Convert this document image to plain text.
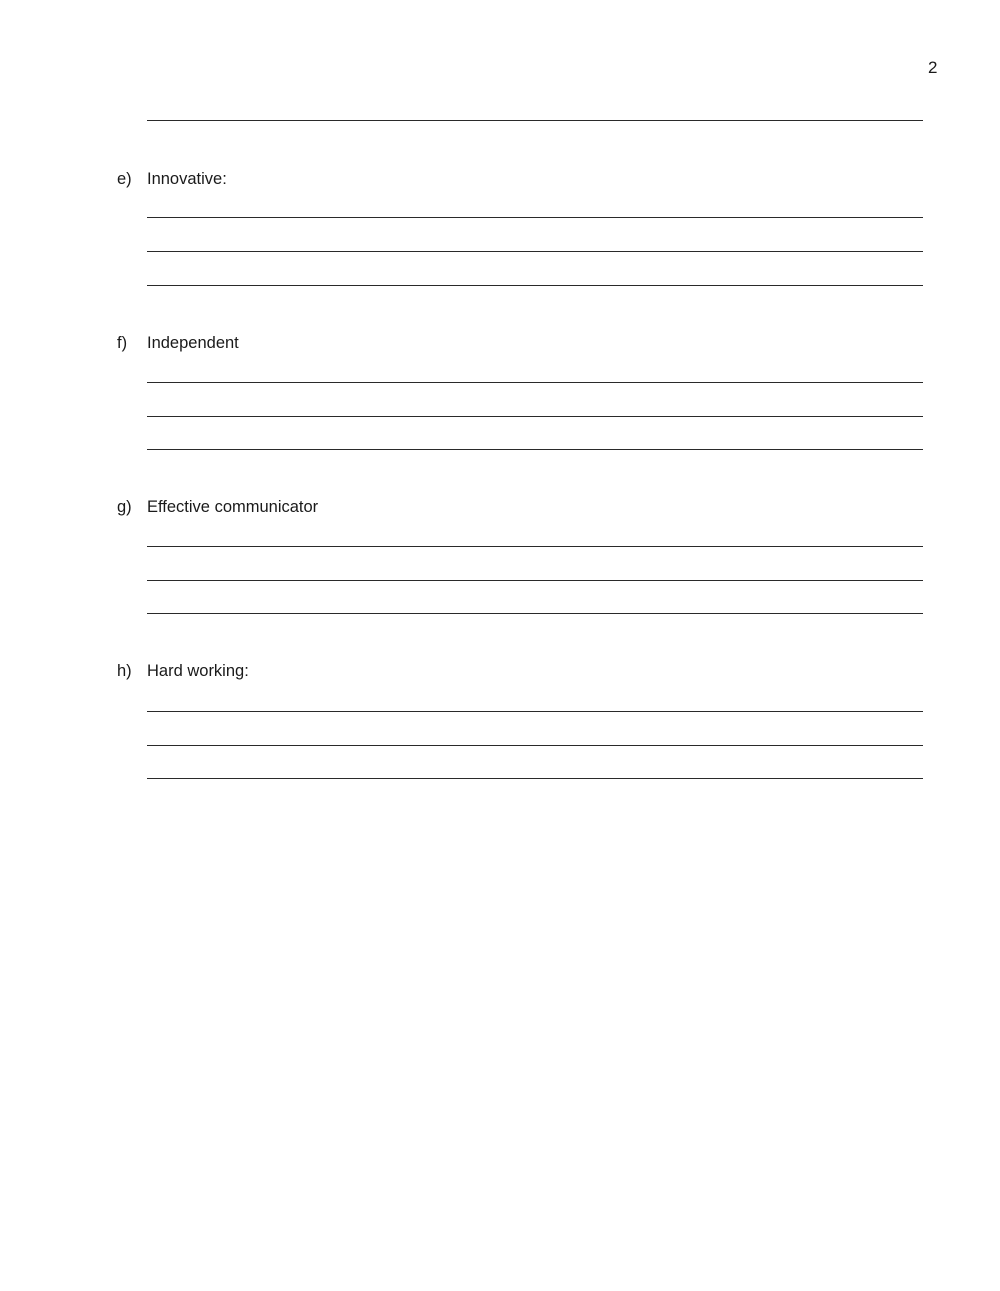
2
e) Innovative:
f) Independent
g) Effective communicator
h) Hard working:
